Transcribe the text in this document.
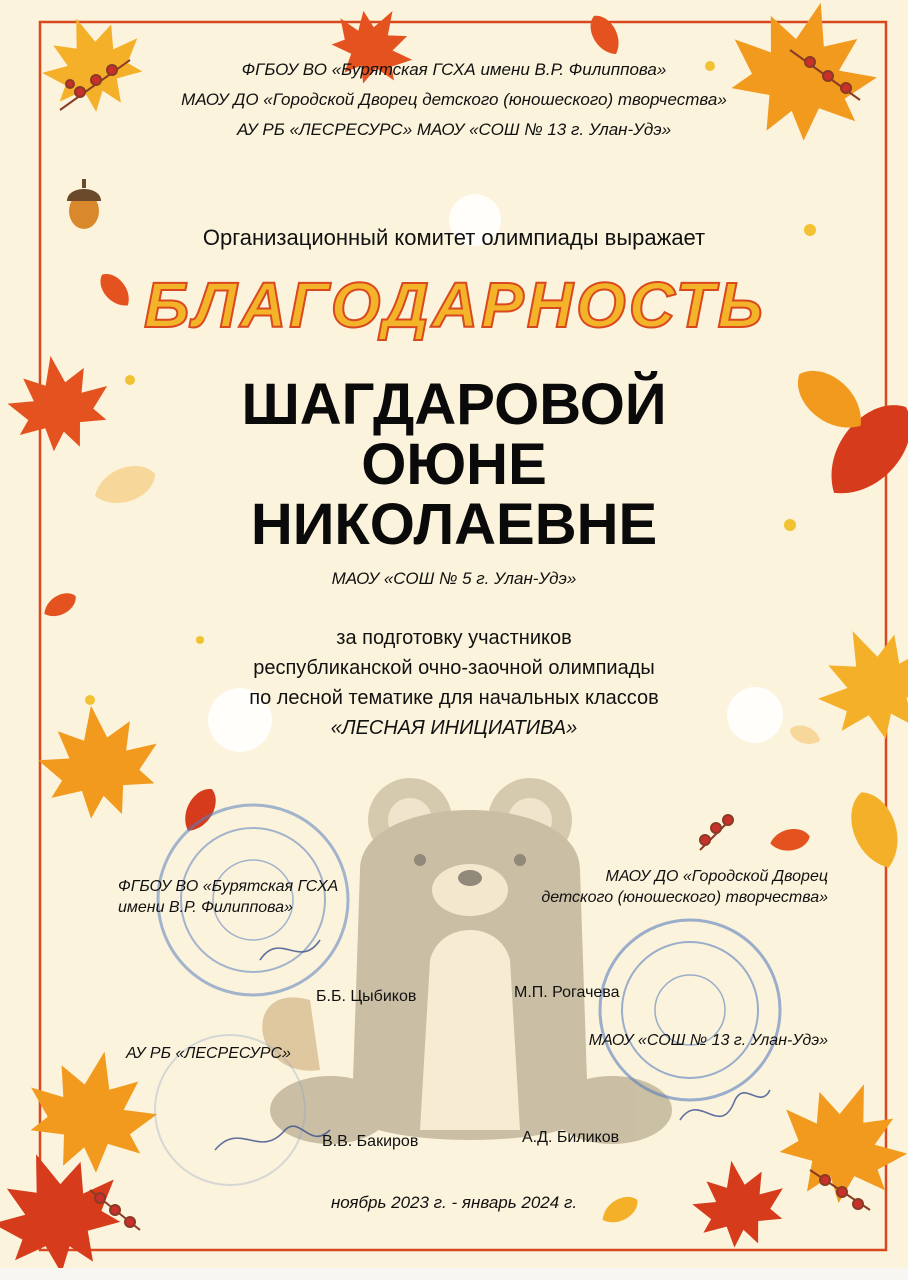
БЛАГОДАРНОСТЬ

ФГБОУ ВО «Бурятская ГСХА имени В.Р. Филиппова»

МАОУ ДО «Городской Дворец детского (юношеского) творчества»

АУ РБ «ЛЕСРЕСУРС» МАОУ «СОШ № 13 г. Улан-Удэ»

Организационный комитет олимпиады выражает

ШАГДАРОВОЙ

ОЮНЕ

НИКОЛАЕВНЕ

МАОУ «СОШ № 5 г. Улан-Удэ»

за подготовку участников

республиканской очно-заочной олимпиады

по лесной тематике для начальных классов

«ЛЕСНАЯ ИНИЦИАТИВА»

ФГБОУ ВО «Бурятская ГСХА

имени В.Р. Филиппова»

МАОУ ДО «Городской Дворец

детского (юношеского) творчества»

Б.Б. Цыбиков	М.П. Рогачева

АУ РБ «ЛЕСРЕСУРС»

МАОУ «СОШ № 13 г. Улан-Удэ»

В.В. Бакиров	А.Д. Биликов

ноябрь 2023 г. - январь 2024 г.
